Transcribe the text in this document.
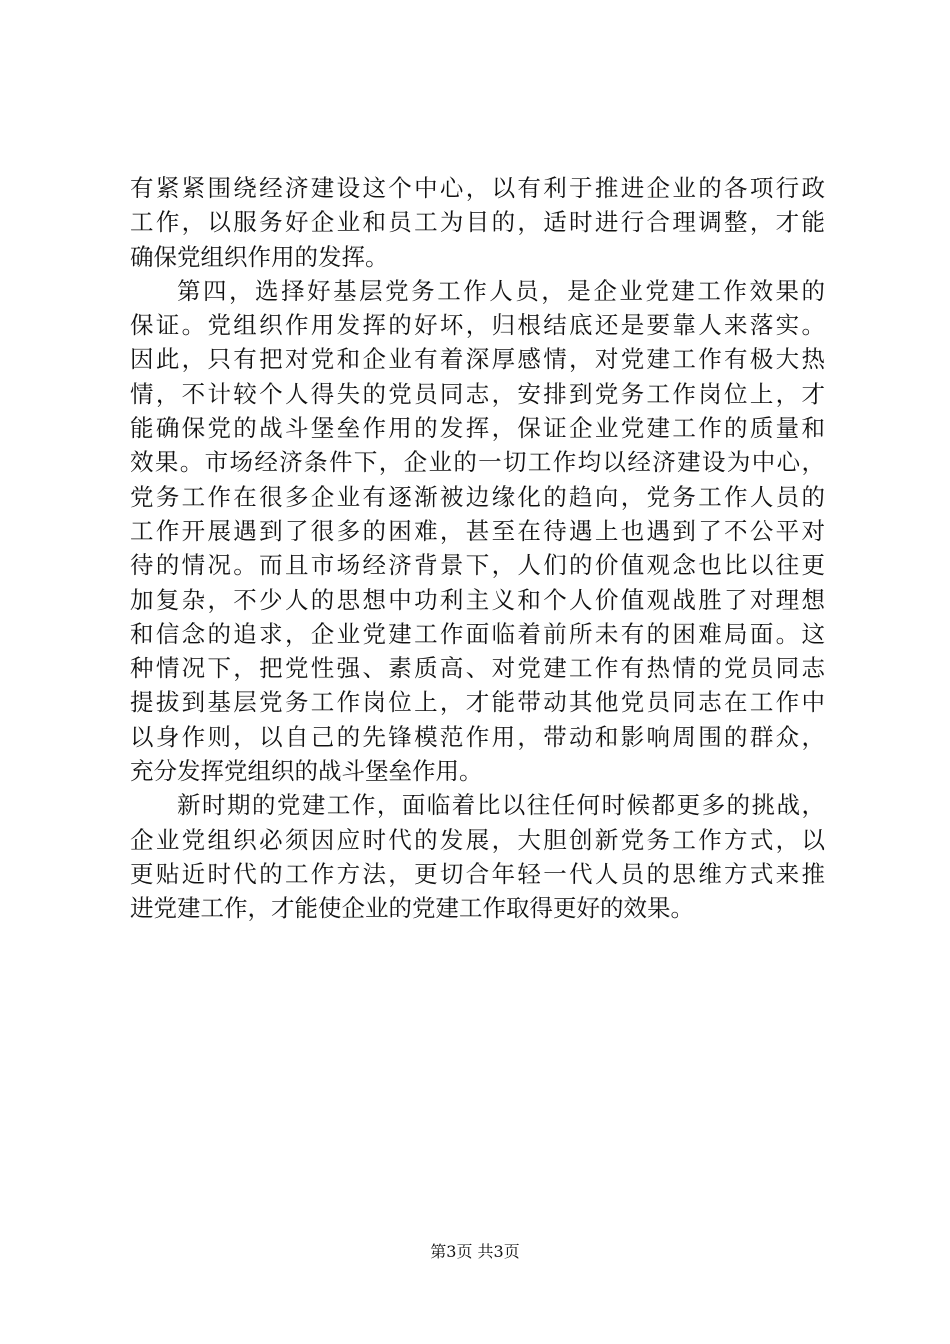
有紧紧围绕经济建设这个中心，以有利于推进企业的各项行政
工作，以服务好企业和员工为目的，适时进行合理调整，才能
确保党组织作用的发挥。
第四，选择好基层党务工作人员，是企业党建工作效果的
保证。党组织作用发挥的好坏，归根结底还是要靠人来落实。
因此，只有把对党和企业有着深厚感情，对党建工作有极大热
情，不计较个人得失的党员同志，安排到党务工作岗位上，才
能确保党的战斗堡垒作用的发挥，保证企业党建工作的质量和
效果。市场经济条件下，企业的一切工作均以经济建设为中心，
党务工作在很多企业有逐渐被边缘化的趋向，党务工作人员的
工作开展遇到了很多的困难，甚至在待遇上也遇到了不公平对
待的情况。而且市场经济背景下，人们的价值观念也比以往更
加复杂，不少人的思想中功利主义和个人价值观战胜了对理想
和信念的追求，企业党建工作面临着前所未有的困难局面。这
种情况下，把党性强、素质高、对党建工作有热情的党员同志
提拔到基层党务工作岗位上，才能带动其他党员同志在工作中
以身作则，以自己的先锋模范作用，带动和影响周围的群众，
充分发挥党组织的战斗堡垒作用。
新时期的党建工作，面临着比以往任何时候都更多的挑战，
企业党组织必须因应时代的发展，大胆创新党务工作方式，以
更贴近时代的工作方法，更切合年轻一代人员的思维方式来推
进党建工作，才能使企业的党建工作取得更好的效果。
第3页 共3页
